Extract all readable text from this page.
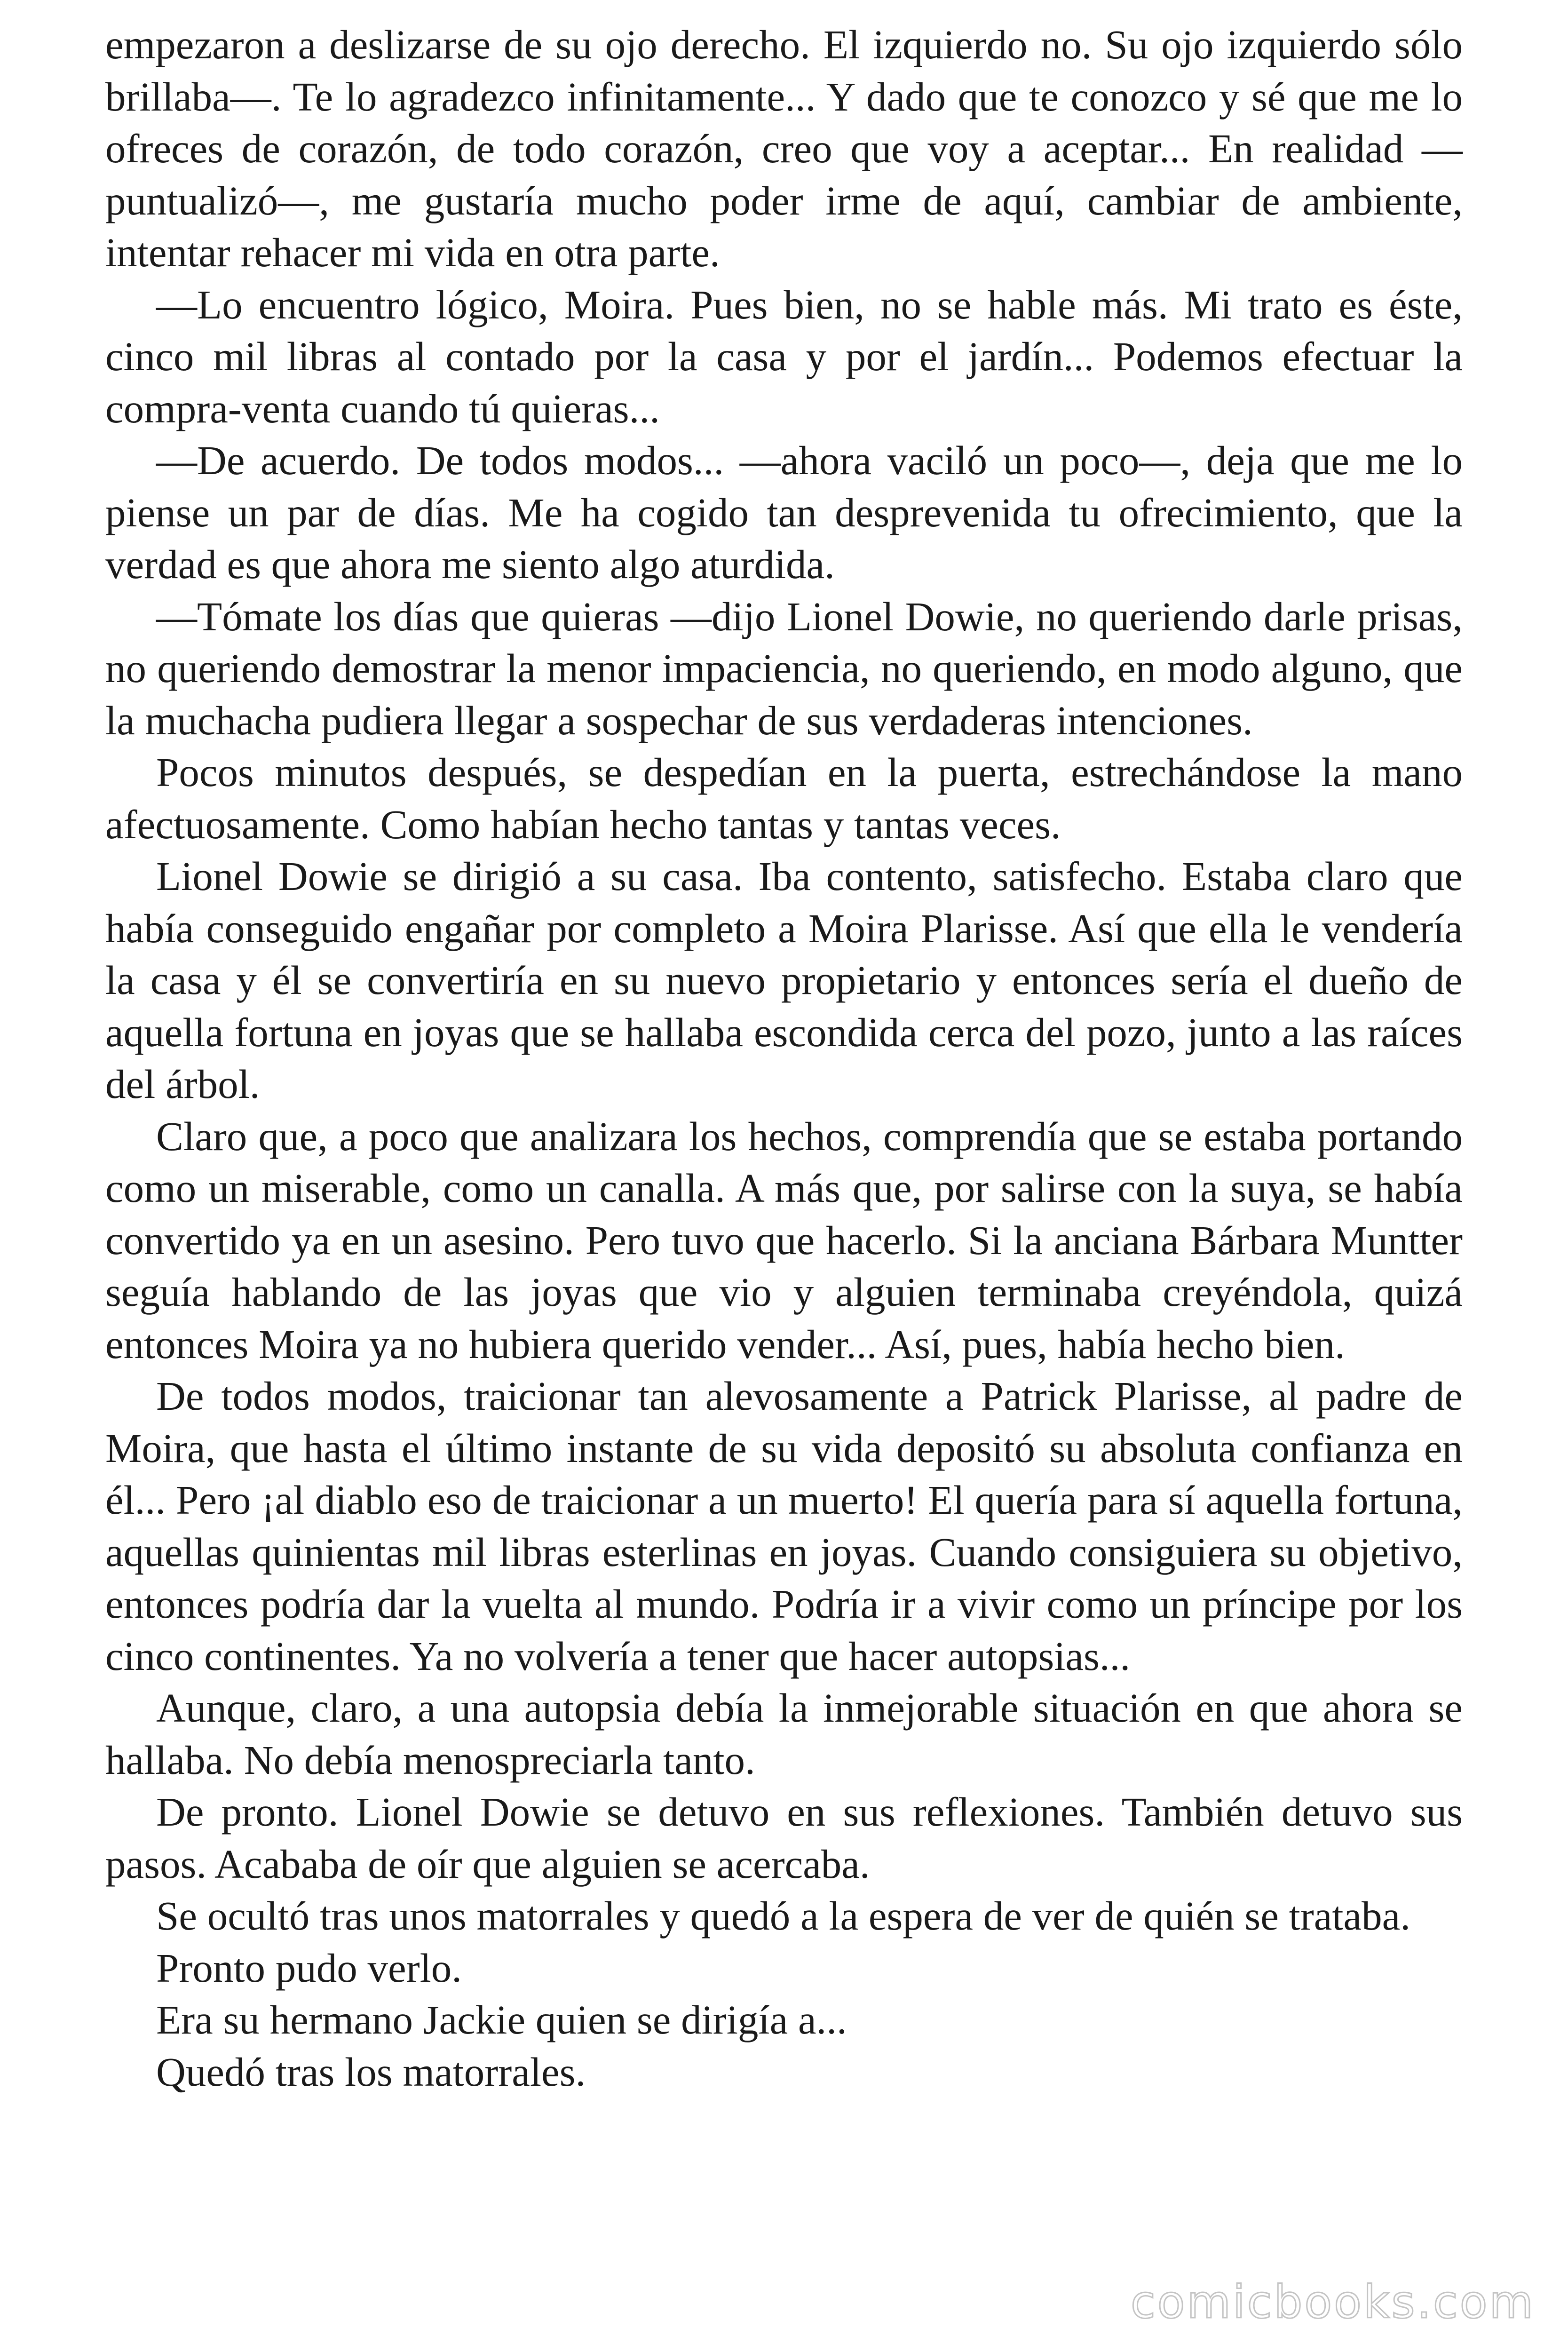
empezaron a deslizarse de su ojo derecho. El izquierdo no. Su ojo izquierdo sólo brillaba—. Te lo agradezco infinitamente... Y dado que te conozco y sé que me lo ofreces de corazón, de todo corazón, creo que voy a aceptar... En realidad —puntualizó—, me gustaría mucho poder irme de aquí, cambiar de ambiente, intentar rehacer mi vida en otra parte.

—Lo encuentro lógico, Moira. Pues bien, no se hable más. Mi trato es éste, cinco mil libras al contado por la casa y por el jardín... Podemos efectuar la compra-venta cuando tú quieras...

—De acuerdo. De todos modos... —ahora vaciló un poco—, deja que me lo piense un par de días. Me ha cogido tan desprevenida tu ofrecimiento, que la verdad es que ahora me siento algo aturdida.

—Tómate los días que quieras —dijo Lionel Dowie, no queriendo darle prisas, no queriendo demostrar la menor impaciencia, no queriendo, en modo alguno, que la muchacha pudiera llegar a sospechar de sus verdaderas intenciones.

Pocos minutos después, se despedían en la puerta, estrechándose la mano afectuosamente. Como habían hecho tantas y tantas veces.

Lionel Dowie se dirigió a su casa. Iba contento, satisfecho. Estaba claro que había conseguido engañar por completo a Moira Plarisse. Así que ella le vendería la casa y él se convertiría en su nuevo propietario y entonces sería el dueño de aquella fortuna en joyas que se hallaba escondida cerca del pozo, junto a las raíces del árbol.

Claro que, a poco que analizara los hechos, comprendía que se estaba portando como un miserable, como un canalla. A más que, por salirse con la suya, se había convertido ya en un asesino. Pero tuvo que hacerlo. Si la anciana Bárbara Muntter seguía hablando de las joyas que vio y alguien terminaba creyéndola, quizá entonces Moira ya no hubiera querido vender... Así, pues, había hecho bien.

De todos modos, traicionar tan alevosamente a Patrick Plarisse, al padre de Moira, que hasta el último instante de su vida depositó su absoluta confianza en él... Pero ¡al diablo eso de traicionar a un muerto! El quería para sí aquella fortuna, aquellas quinientas mil libras esterlinas en joyas. Cuando consiguiera su objetivo, entonces podría dar la vuelta al mundo. Podría ir a vivir como un príncipe por los cinco continentes. Ya no volvería a tener que hacer autopsias...

Aunque, claro, a una autopsia debía la inmejorable situación en que ahora se hallaba. No debía menospreciarla tanto.

De pronto. Lionel Dowie se detuvo en sus reflexiones. También detuvo sus pasos. Acababa de oír que alguien se acercaba.

Se ocultó tras unos matorrales y quedó a la espera de ver de quién se trataba.

Pronto pudo verlo.

Era su hermano Jackie quien se dirigía a...

Quedó tras los matorrales.

comicbooks.com
